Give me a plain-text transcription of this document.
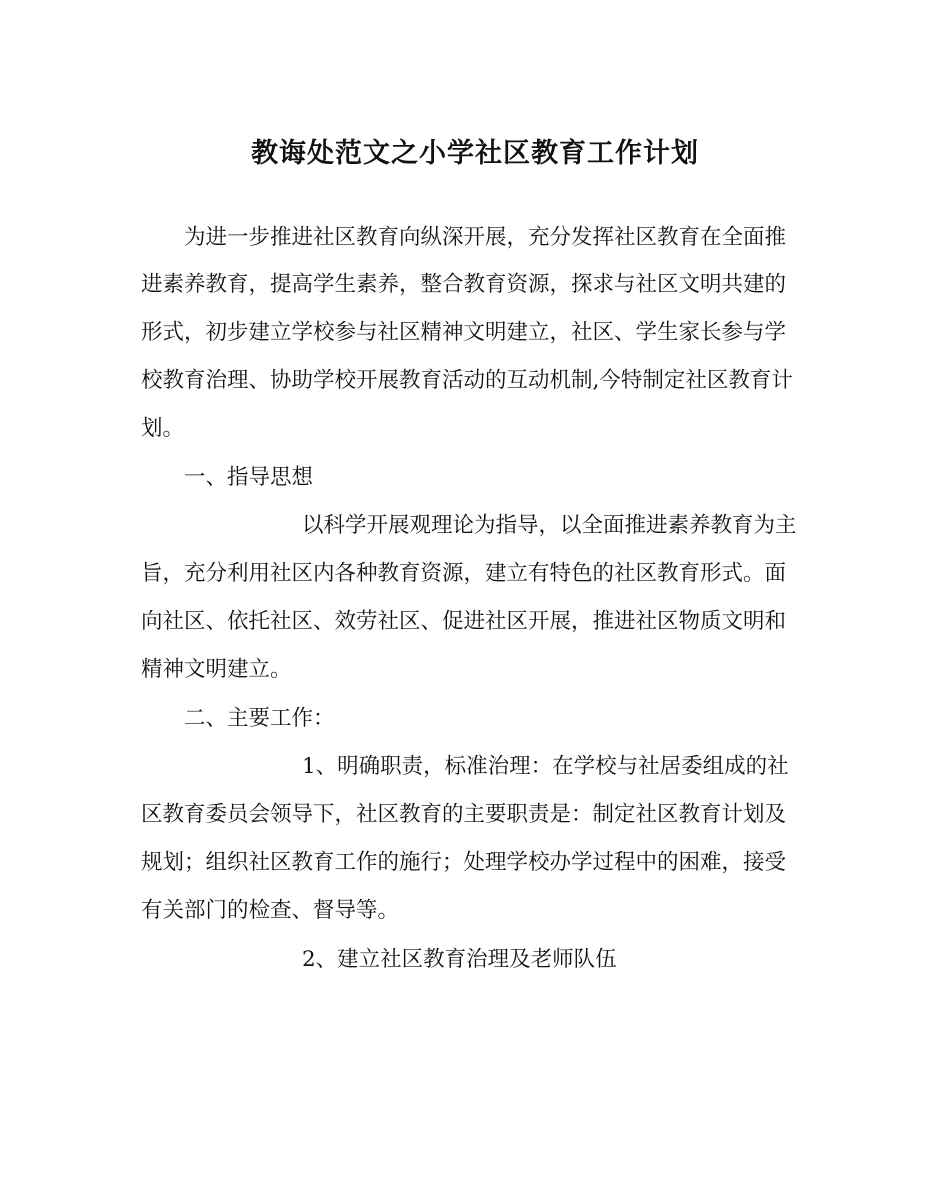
教诲处范文之小学社区教育工作计划

为进一步推进社区教育向纵深开展，充分发挥社区教育在全面推

进素养教育，提高学生素养，整合教育资源，探求与社区文明共建的

形式，初步建立学校参与社区精神文明建立，社区、学生家长参与学

校教育治理、协助学校开展教育活动的互动机制,今特制定社区教育计

划。

一、指导思想

以科学开展观理论为指导，以全面推进素养教育为主

旨，充分利用社区内各种教育资源，建立有特色的社区教育形式。面

向社区、依托社区、效劳社区、促进社区开展，推进社区物质文明和

精神文明建立。

二、主要工作：

1、明确职责，标准治理：在学校与社居委组成的社

区教育委员会领导下，社区教育的主要职责是：制定社区教育计划及

规划；组织社区教育工作的施行；处理学校办学过程中的困难，接受

有关部门的检查、督导等。

2、建立社区教育治理及老师队伍
